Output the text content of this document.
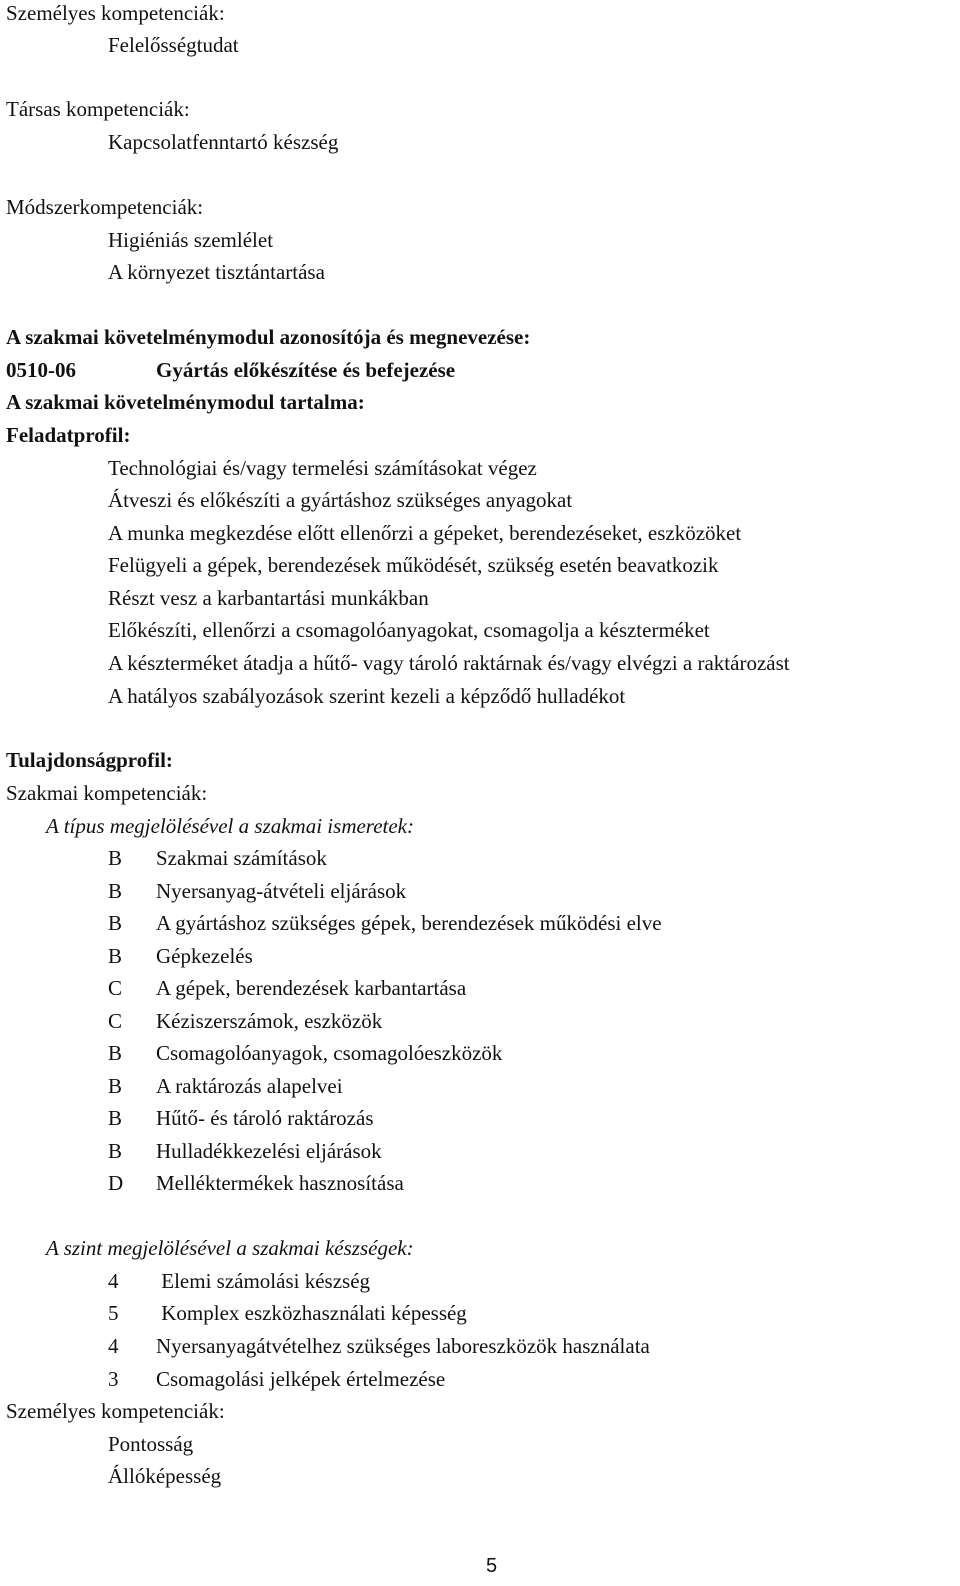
Személyes kompetenciák:
Felelősségtudat
Társas kompetenciák:
Kapcsolatfenntartó készség
Módszerkompetenciák:
Higiéniás szemlélet
A környezet tisztántartása
A szakmai követelménymodul azonosítója és megnevezése:
0510-06	Gyártás előkészítése és befejezése
A szakmai követelménymodul tartalma:
Feladatprofil:
Technológiai és/vagy termelési számításokat végez
Átveszi és előkészíti a gyártáshoz szükséges anyagokat
A munka megkezdése előtt ellenőrzi a gépeket, berendezéseket, eszközöket
Felügyeli a gépek, berendezések működését, szükség esetén beavatkozik
Részt vesz a karbantartási munkákban
Előkészíti, ellenőrzi a csomagolóanyagokat, csomagolja a készterméket
A készterméket átadja a hűtő- vagy tároló raktárnak és/vagy elvégzi a raktározást
A hatályos szabályozások szerint kezeli a képződő hulladékot
Tulajdonságprofil:
Szakmai kompetenciák:
A típus megjelölésével a szakmai ismeretek:
B Szakmai számítások
B Nyersanyag-átvételi eljárások
B A gyártáshoz szükséges gépek, berendezések működési elve
B Gépkezelés
C A gépek, berendezések karbantartása
C Kéziszerszámok, eszközök
B Csomagolóanyagok, csomagolóeszközök
B A raktározás alapelvei
B Hűtő- és tároló raktározás
B Hulladékkezelési eljárások
D Melléktermékek hasznosítása
A szint megjelölésével a szakmai készségek:
4 Elemi számolási készség
5 Komplex eszközhasználati képesség
4 Nyersanyagátvételhez szükséges laboreszközök használata
3 Csomagolási jelképek értelmezése
Személyes kompetenciák:
Pontosság
Állóképesség
5
